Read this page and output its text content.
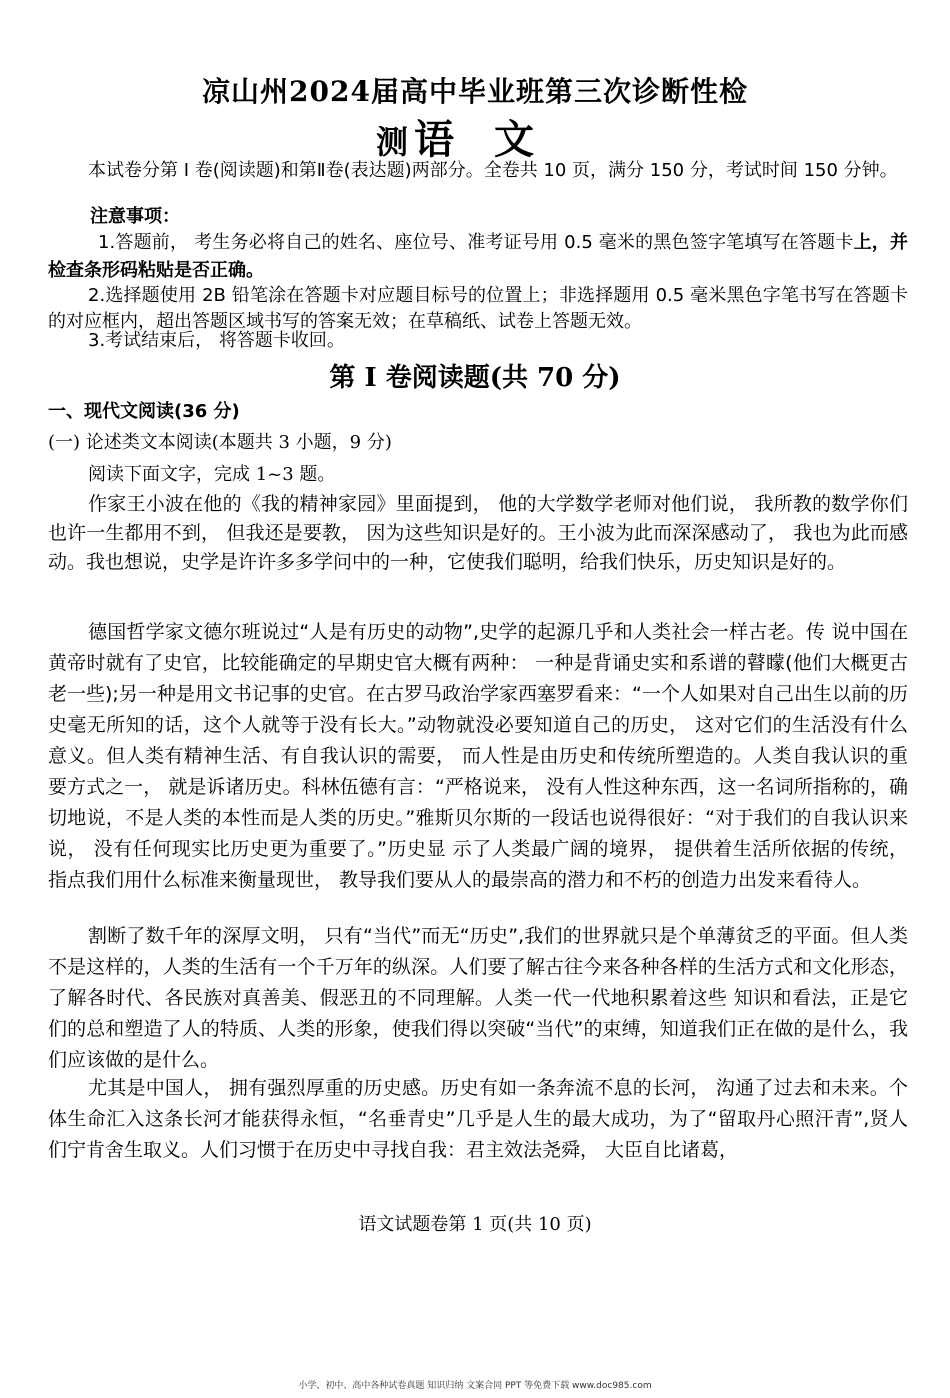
凉山州2024届高中毕业班第三次诊断性检
测 语文
本试卷分第 I 卷(阅读题)和第Ⅱ卷(表达题)两部分。全卷共 10 页，满分 150 分，考试时间 150 分钟。
注意事项：
1.答题前， 考生务必将自己的姓名、座位号、准考证号用 0.5 毫米的黑色签字笔填写在答题卡上，并检查条形码粘贴是否正确。
2.选择题使用 2B 铅笔涂在答题卡对应题目标号的位置上；非选择题用 0.5 毫米黑色字笔书写在答题卡的对应框内，超出答题区域书写的答案无效；在草稿纸、试卷上答题无效。
3.考试结束后， 将答题卡收回。
第 Ⅰ 卷阅读题(共 70 分)
一、现代文阅读(36 分)
(一) 论述类文本阅读(本题共 3 小题，9 分)
阅读下面文字，完成 1~3 题。
作家王小波在他的《我的精神家园》里面提到， 他的大学数学老师对他们说， 我所教的数学你们也许一生都用不到， 但我还是要教， 因为这些知识是好的。王小波为此而深深感动了， 我也为此而感动。我也想说，史学是许许多多学问中的一种，它使我们聪明，给我们快乐，历史知识是好的。
德国哲学家文德尔班说过“人是有历史的动物”,史学的起源几乎和人类社会一样古老。传 说中国在黄帝时就有了史官，比较能确定的早期史官大概有两种： 一种是背诵史实和系谱的瞽矇(他们大概更古老一些);另一种是用文书记事的史官。在古罗马政治学家西塞罗看来：“一个人如果对自己出生以前的历史毫无所知的话，这个人就等于没有长大。”动物就没必要知道自己的历史， 这对它们的生活没有什么意义。但人类有精神生活、有自我认识的需要， 而人性是由历史和传统所塑造的。人类自我认识的重要方式之一， 就是诉诸历史。科林伍德有言：“严格说来， 没有人性这种东西，这一名词所指称的，确切地说，不是人类的本性而是人类的历史。”雅斯贝尔斯的一段话也说得很好：“对于我们的自我认识来说， 没有任何现实比历史更为重要了。”历史显 示了人类最广阔的境界， 提供着生活所依据的传统， 指点我们用什么标准来衡量现世， 教导我们要从人的最崇高的潜力和不朽的创造力出发来看待人。
割断了数千年的深厚文明， 只有“当代”而无“历史”,我们的世界就只是个单薄贫乏的平面。但人类不是这样的，人类的生活有一个千万年的纵深。人们要了解古往今来各种各样的生活方式和文化形态， 了解各时代、各民族对真善美、假恶丑的不同理解。人类一代一代地积累着这些 知识和看法，正是它们的总和塑造了人的特质、人类的形象，使我们得以突破“当代”的束缚，知道我们正在做的是什么，我们应该做的是什么。
尤其是中国人， 拥有强烈厚重的历史感。历史有如一条奔流不息的长河， 沟通了过去和未来。个体生命汇入这条长河才能获得永恒，“名垂青史”几乎是人生的最大成功，为了“留取丹心照汗青”,贤人们宁肯舍生取义。人们习惯于在历史中寻找自我：君主效法尧舜， 大臣自比诸葛，
语文试题卷第 1 页(共 10 页)
小学、初中、高中各种试卷真题 知识归纳 文案合同 PPT 等免费下载 www.doc985.com
